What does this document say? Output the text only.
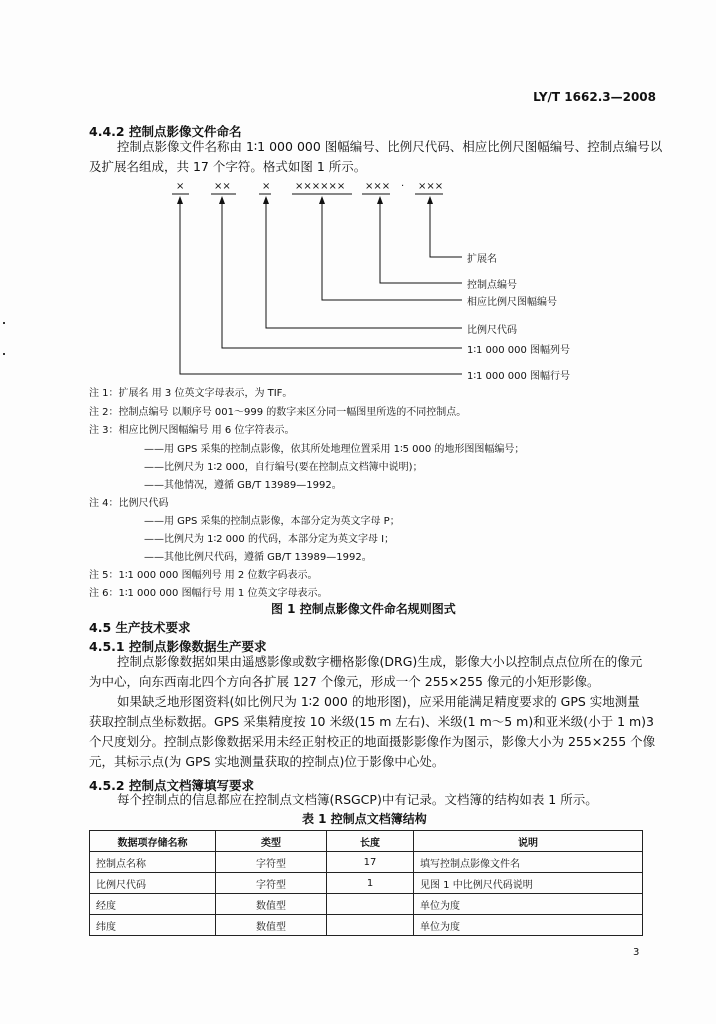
LY/T 1662.3—2008
4.4.2 控制点影像文件命名
控制点影像文件名称由 1∶1 000 000 图幅编号、比例尺代码、相应比例尺图幅编号、控制点编号以
及扩展名组成，共 17 个字符。格式如图 1 所示。
×	××	× ×××××× ××× · ×××
扩展名
控制点编号
相应比例尺图幅编号
比例尺代码
1∶1 000 000 图幅列号
1∶1 000 000 图幅行号
注 1：扩展名 用 3 位英文字母表示，为 TIF。
注 2：控制点编号 以顺序号 001～999 的数字来区分同一幅图里所选的不同控制点。
注 3：相应比例尺图幅编号 用 6 位字符表示。
——用 GPS 采集的控制点影像，依其所处地理位置采用 1∶5 000 的地形图图幅编号；
——比例尺为 1∶2 000，自行编号(要在控制点文档簿中说明)；
——其他情况，遵循 GB/T 13989—1992。
注 4：比例尺代码
——用 GPS 采集的控制点影像，本部分定为英文字母 P；
——比例尺为 1∶2 000 的代码，本部分定为英文字母 I；
——其他比例尺代码，遵循 GB/T 13989—1992。
注 5：1∶1 000 000 图幅列号 用 2 位数字码表示。
注 6：1∶1 000 000 图幅行号 用 1 位英文字母表示。
图 1 控制点影像文件命名规则图式
4.5 生产技术要求
4.5.1 控制点影像数据生产要求
控制点影像数据如果由遥感影像或数字栅格影像(DRG)生成，影像大小以控制点点位所在的像元
为中心，向东西南北四个方向各扩展 127 个像元，形成一个 255×255 像元的小矩形影像。
如果缺乏地形图资料(如比例尺为 1∶2 000 的地形图)，应采用能满足精度要求的 GPS 实地测量
获取控制点坐标数据。GPS 采集精度按 10 米级(15 m 左右)、米级(1 m～5 m)和亚米级(小于 1 m)3
个尺度划分。控制点影像数据采用未经正射校正的地面摄影影像作为图示，影像大小为 255×255 个像
元，其标示点(为 GPS 实地测量获取的控制点)位于影像中心处。
4.5.2 控制点文档簿填写要求
每个控制点的信息都应在控制点文档簿(RSGCP)中有记录。文档簿的结构如表 1 所示。
表 1 控制点文档簿结构
数据项存储名称	类型	长度	说明
控制点名称	字符型	17	填写控制点影像文件名
比例尺代码	字符型	1	见图 1 中比例尺代码说明
经度	数值型		单位为度
纬度	数值型		单位为度
3
